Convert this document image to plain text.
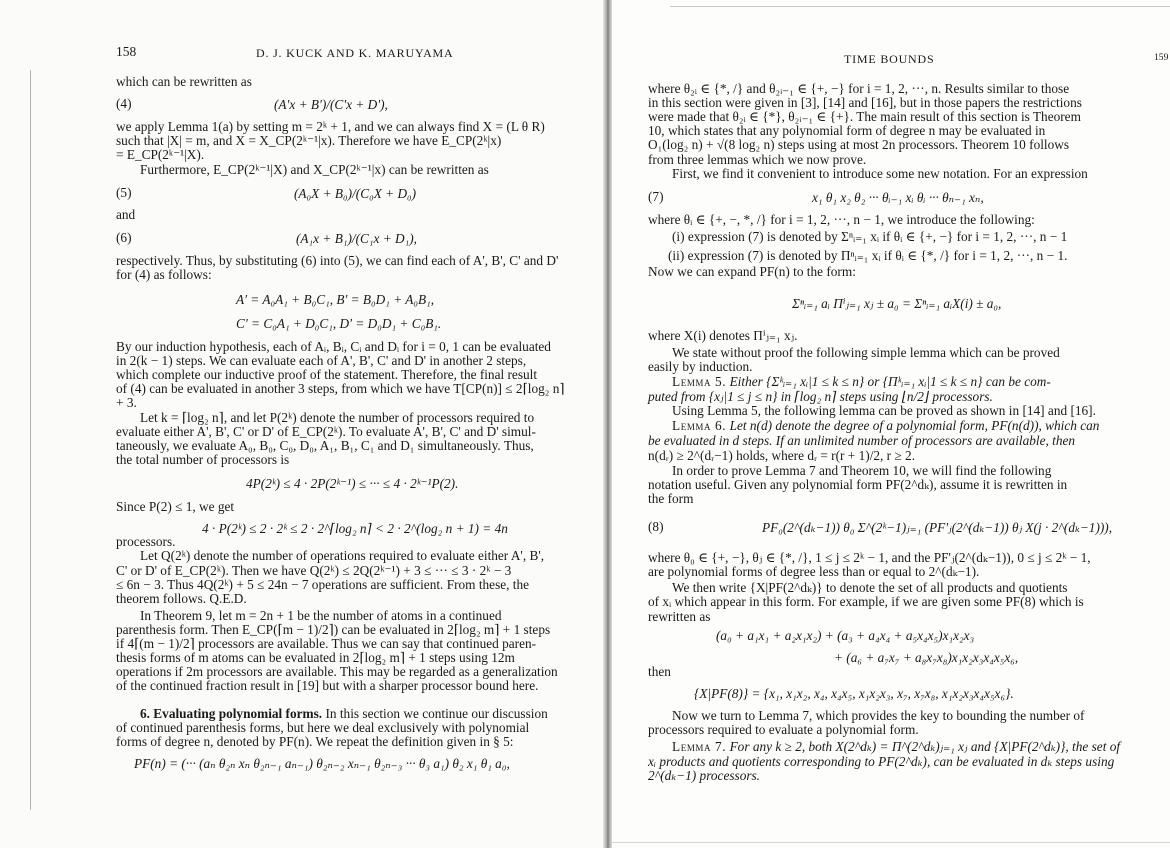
158	D. J. KUCK AND K. MARUYAMA
which can be rewritten as
(4)	(A'x + B')/(C'x + D'),
we apply Lemma 1(a) by setting m = 2ᵏ + 1, and we can always find X = (L θ R)
such that |X| = m, and X = X_CP(2ᵏ⁻¹|x). Therefore we have E_CP(2ᵏ|x)
= E_CP(2ᵏ⁻¹|X).
Furthermore, E_CP(2ᵏ⁻¹|X) and X_CP(2ᵏ⁻¹|x) can be rewritten as
(5)	(A₀X + B₀)/(C₀X + D₀)
and
(6)	(A₁x + B₁)/(C₁x + D₁),
respectively. Thus, by substituting (6) into (5), we can find each of A', B', C' and D'
for (4) as follows:
A' = A₀A₁ + B₀C₁, B' = B₀D₁ + A₀B₁,
C' = C₀A₁ + D₀C₁, D' = D₀D₁ + C₀B₁.
By our induction hypothesis, each of Aᵢ, Bᵢ, Cᵢ and Dᵢ for i = 0, 1 can be evaluated
in 2(k − 1) steps. We can evaluate each of A', B', C' and D' in another 2 steps,
which complete our inductive proof of the statement. Therefore, the final result
of (4) can be evaluated in another 3 steps, from which we have T[CP(n)] ≤ 2⌈log₂ n⌉
+ 3.
Let k = ⌈log₂ n⌉, and let P(2ᵏ) denote the number of processors required to
evaluate either A', B', C' or D' of E_CP(2ᵏ). To evaluate A', B', C' and D' simul-
taneously, we evaluate A₀, B₀, C₀, D₀, A₁, B₁, C₁ and D₁ simultaneously. Thus,
the total number of processors is
4P(2ᵏ) ≤ 4 · 2P(2ᵏ⁻¹) ≤ ··· ≤ 4 · 2ᵏ⁻¹P(2).
Since P(2) ≤ 1, we get
4 · P(2ᵏ) ≤ 2 · 2ᵏ ≤ 2 · 2^⌈log₂ n⌉ < 2 · 2^(log₂ n + 1) = 4n
processors.
Let Q(2ᵏ) denote the number of operations required to evaluate either A', B',
C' or D' of E_CP(2ᵏ). Then we have Q(2ᵏ) ≤ 2Q(2ᵏ⁻¹) + 3 ≤ ··· ≤ 3 · 2ᵏ − 3
≤ 6n − 3. Thus 4Q(2ᵏ) + 5 ≤ 24n − 7 operations are sufficient. From these, the
theorem follows. Q.E.D.
In Theorem 9, let m = 2n + 1 be the number of atoms in a continued
parenthesis form. Then E_CP(⌈m − 1)/2⌉) can be evaluated in 2⌈log₂ m⌉ + 1 steps
if 4⌈(m − 1)/2⌉ processors are available. Thus we can say that continued paren-
thesis forms of m atoms can be evaluated in 2⌈log₂ m⌉ + 1 steps using 12m
operations if 2m processors are available. This may be regarded as a generalization
of the continued fraction result in [19] but with a sharper processor bound here.
6. Evaluating polynomial forms. In this section we continue our discussion
of continued parenthesis forms, but here we deal exclusively with polynomial
forms of degree n, denoted by PF(n). We repeat the definition given in § 5:
PF(n) = (··· (aₙ θ₂ₙ xₙ θ₂ₙ₋₁ aₙ₋₁) θ₂ₙ₋₂ xₙ₋₁ θ₂ₙ₋₃ ··· θ₃ a₁) θ₂ x₁ θ₁ a₀,
TIME BOUNDS	159
where θ₂ᵢ ∈ {*, /} and θ₂ᵢ₋₁ ∈ {+, −} for i = 1, 2, ···, n. Results similar to those
in this section were given in [3], [14] and [16], but in those papers the restrictions
were made that θ₂ᵢ ∈ {*}, θ₂ᵢ₋₁ ∈ {+}. The main result of this section is Theorem
10, which states that any polynomial form of degree n may be evaluated in
O₁(log₂ n) + √(8 log₂ n) steps using at most 2n processors. Theorem 10 follows
from three lemmas which we now prove.
First, we find it convenient to introduce some new notation. For an expression
(7)	x₁ θ₁ x₂ θ₂ ··· θᵢ₋₁ xᵢ θᵢ ··· θₙ₋₁ xₙ,
where θᵢ ∈ {+, −, *, /} for i = 1, 2, ···, n − 1, we introduce the following:
(i) expression (7) is denoted by Σⁿᵢ₌₁ xᵢ if θᵢ ∈ {+, −} for i = 1, 2, ···, n − 1
(ii) expression (7) is denoted by Πⁿᵢ₌₁ xᵢ if θᵢ ∈ {*, /} for i = 1, 2, ···, n − 1.
Now we can expand PF(n) to the form:
Σⁿᵢ₌₁ aᵢ Πⁱⱼ₌₁ xⱼ ± a₀ = Σⁿᵢ₌₁ aᵢX(i) ± a₀,
where X(i) denotes Πⁱⱼ₌₁ xⱼ.
We state without proof the following simple lemma which can be proved
easily by induction.
Lemma 5. Either {Σᵏᵢ₌₁ xᵢ|1 ≤ k ≤ n} or {Πᵏᵢ₌₁ xᵢ|1 ≤ k ≤ n} can be com-
puted from {xⱼ|1 ≤ j ≤ n} in ⌈log₂ n⌉ steps using ⌊n/2⌋ processors.
Using Lemma 5, the following lemma can be proved as shown in [14] and [16].
Lemma 6. Let n(d) denote the degree of a polynomial form, PF(n(d)), which can
be evaluated in d steps. If an unlimited number of processors are available, then
n(dᵣ) ≥ 2^(dᵣ−1) holds, where dᵣ = r(r + 1)/2, r ≥ 2.
In order to prove Lemma 7 and Theorem 10, we will find the following
notation useful. Given any polynomial form PF(2^dₖ), assume it is rewritten in
the form
(8)	PF₀(2^(dₖ−1)) θ₀ Σ^(2ᵏ−1)ⱼ₌₁ (PF'ⱼ(2^(dₖ−1)) θⱼ X(j · 2^(dₖ−1))),
where θ₀ ∈ {+, −}, θⱼ ∈ {*, /}, 1 ≤ j ≤ 2ᵏ − 1, and the PF'ⱼ(2^(dₖ−1)), 0 ≤ j ≤ 2ᵏ − 1,
are polynomial forms of degree less than or equal to 2^(dₖ−1).
We then write {X|PF(2^dₖ)} to denote the set of all products and quotients
of xᵢ which appear in this form. For example, if we are given some PF(8) which is
rewritten as
(a₀ + a₁x₁ + a₂x₁x₂) + (a₃ + a₄x₄ + a₅x₄x₅)x₁x₂x₃
+ (a₆ + a₇x₇ + a₈x₇x₈)x₁x₂x₃x₄x₅x₆,
then
{X|PF(8)} = {x₁, x₁x₂, x₄, x₄x₅, x₁x₂x₃, x₇, x₇x₈, x₁x₂x₃x₄x₅x₆}.
Now we turn to Lemma 7, which provides the key to bounding the number of
processors required to evaluate a polynomial form.
Lemma 7. For any k ≥ 2, both X(2^dₖ) = Π^(2^dₖ)ⱼ₌₁ xⱼ and {X|PF(2^dₖ)}, the set of
xᵢ products and quotients corresponding to PF(2^dₖ), can be evaluated in dₖ steps using
2^(dₖ−1) processors.
